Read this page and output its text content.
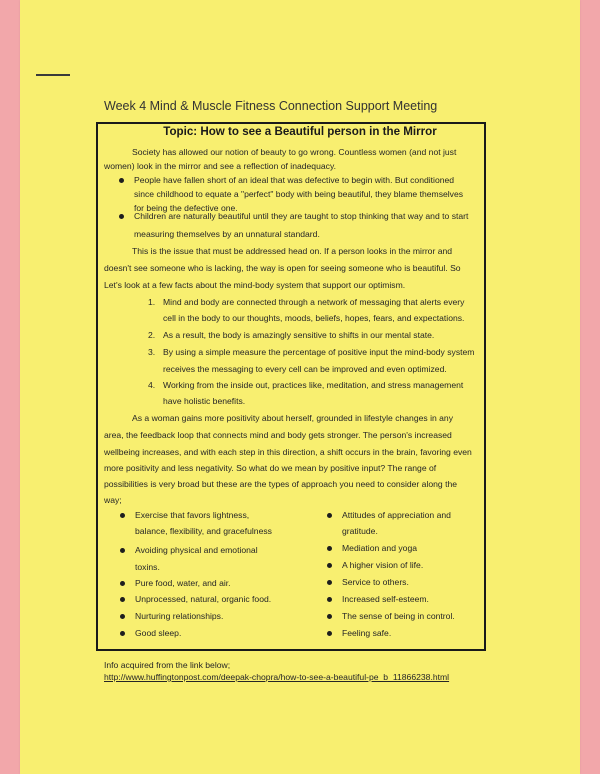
Week 4 Mind & Muscle Fitness Connection Support Meeting
Topic: How to see a Beautiful person in the Mirror
Society has allowed our notion of beauty to go wrong. Countless women (and not just
women) look in the mirror and see a reflection of inadequacy.
People have fallen short of an ideal that was defective to begin with. But conditioned
since childhood to equate a "perfect" body with being beautiful, they blame themselves
for being the defective one.
Children are naturally beautiful until they are taught to stop thinking that way and to start
measuring themselves by an unnatural standard.
This is the issue that must be addressed head on. If a person looks in the mirror and
doesn't see someone who is lacking, the way is open for seeing someone who is beautiful. So
Let's look at a few facts about the mind-body system that support our optimism.
1. Mind and body are connected through a network of messaging that alerts every
cell in the body to our thoughts, moods, beliefs, hopes, fears, and expectations.
2. As a result, the body is amazingly sensitive to shifts in our mental state.
3. By using a simple measure the percentage of positive input the mind-body system
receives the messaging to every cell can be improved and even optimized.
4. Working from the inside out, practices like, meditation, and stress management
have holistic benefits.
As a woman gains more positivity about herself, grounded in lifestyle changes in any
area, the feedback loop that connects mind and body gets stronger. The person's increased
wellbeing increases, and with each step in this direction, a shift occurs in the brain, favoring even
more positivity and less negativity. So what do we mean by positive input? The range of
possibilities is very broad but these are the types of approach you need to consider along the
way;
Exercise that favors lightness,
balance, flexibility, and gracefulness
Avoiding physical and emotional
toxins.
Pure food, water, and air.
Unprocessed, natural, organic food.
Nurturing relationships.
Good sleep.
Attitudes of appreciation and
gratitude.
Mediation and yoga
A higher vision of life.
Service to others.
Increased self-esteem.
The sense of being in control.
Feeling safe.
Info acquired from the link below;
http://www.huffingtonpost.com/deepak-chopra/how-to-see-a-beautiful-pe_b_11866238.html
